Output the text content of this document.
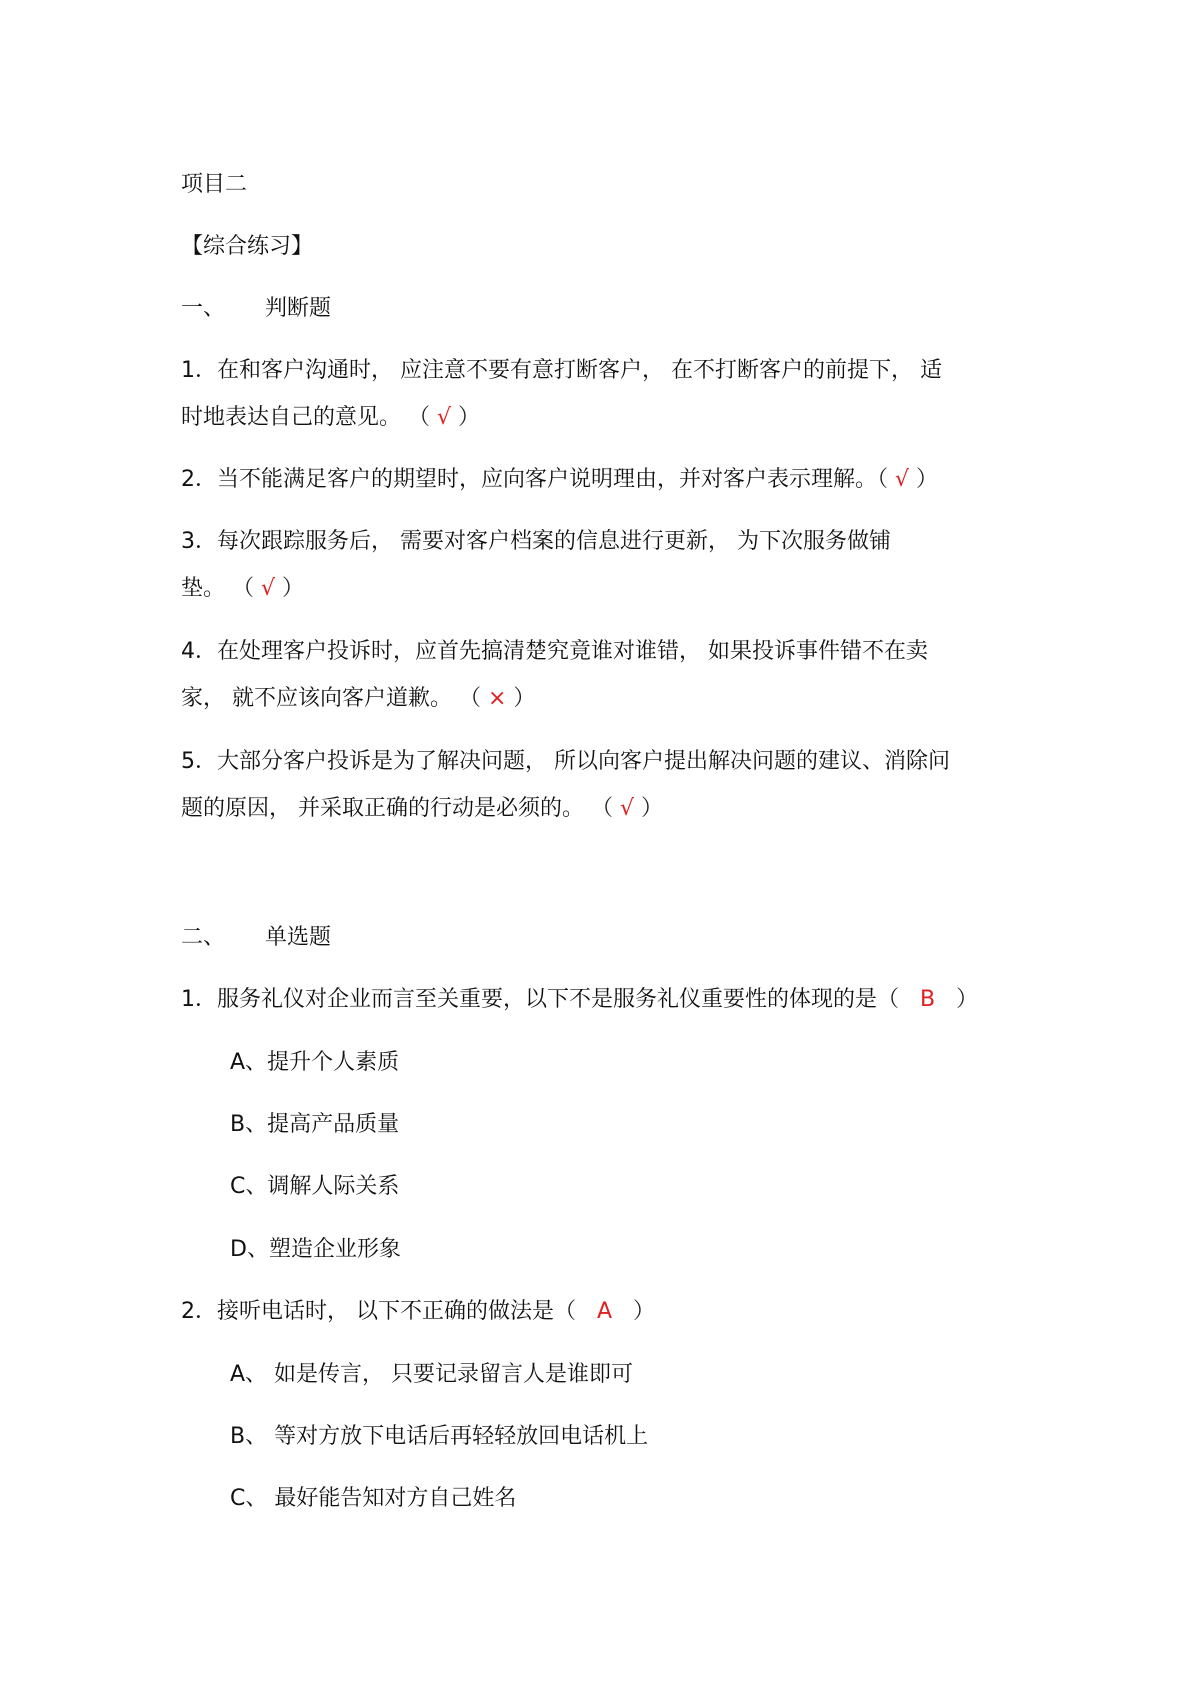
项目二
【综合练习】
一、 判断题
1．在和客户沟通时， 应注意不要有意打断客户， 在不打断客户的前提下， 适
时地表达自己的意见。 （ √ ）
2．当不能满足客户的期望时，应向客户说明理由，并对客户表示理解。（ √ ）
3．每次跟踪服务后， 需要对客户档案的信息进行更新， 为下次服务做铺
垫。 （ √ ）
4．在处理客户投诉时，应首先搞清楚究竟谁对谁错， 如果投诉事件错不在卖
家， 就不应该向客户道歉。 （ × ）
5．大部分客户投诉是为了解决问题， 所以向客户提出解决问题的建议、消除问
题的原因， 并采取正确的行动是必须的。 （ √ ）
二、 单选题
1．服务礼仪对企业而言至关重要，以下不是服务礼仪重要性的体现的是（   B   ）
A、提升个人素质
B、提高产品质量
C、调解人际关系
D、塑造企业形象
2．接听电话时， 以下不正确的做法是（   A   ）
A、 如是传言， 只要记录留言人是谁即可
B、 等对方放下电话后再轻轻放回电话机上
C、 最好能告知对方自己姓名
